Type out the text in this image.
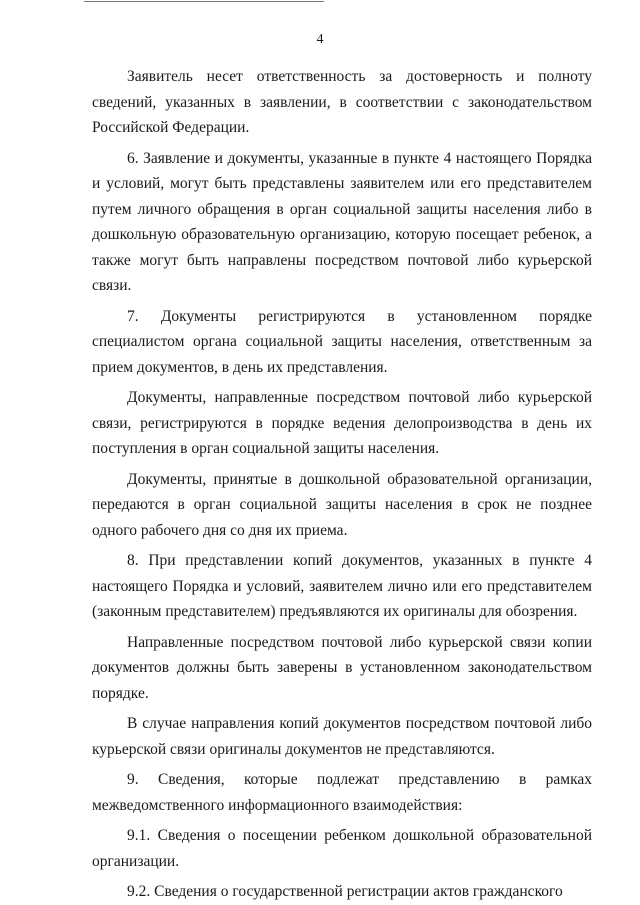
4

Заявитель несет ответственность за достоверность и полноту сведений, указанных в заявлении, в соответствии с законодательством Российской Федерации.

6. Заявление и документы, указанные в пункте 4 настоящего Порядка и условий, могут быть представлены заявителем или его представителем путем личного обращения в орган социальной защиты населения либо в дошкольную образовательную организацию, которую посещает ребенок, а также могут быть направлены посредством почтовой либо курьерской связи.

7. Документы регистрируются в установленном порядке специалистом органа социальной защиты населения, ответственным за прием документов, в день их представления.

Документы, направленные посредством почтовой либо курьерской связи, регистрируются в порядке ведения делопроизводства в день их поступления в орган социальной защиты населения.

Документы, принятые в дошкольной образовательной организации, передаются в орган социальной защиты населения в срок не позднее одного рабочего дня со дня их приема.

8. При представлении копий документов, указанных в пункте 4 настоящего Порядка и условий, заявителем лично или его представителем (законным представителем) предъявляются их оригиналы для обозрения.

Направленные посредством почтовой либо курьерской связи копии документов должны быть заверены в установленном законодательством порядке.

В случае направления копий документов посредством почтовой либо курьерской связи оригиналы документов не представляются.

9. Сведения, которые подлежат представлению в рамках межведомственного информационного взаимодействия:

9.1. Сведения о посещении ребенком дошкольной образовательной организации.

9.2. Сведения о государственной регистрации актов гражданского
